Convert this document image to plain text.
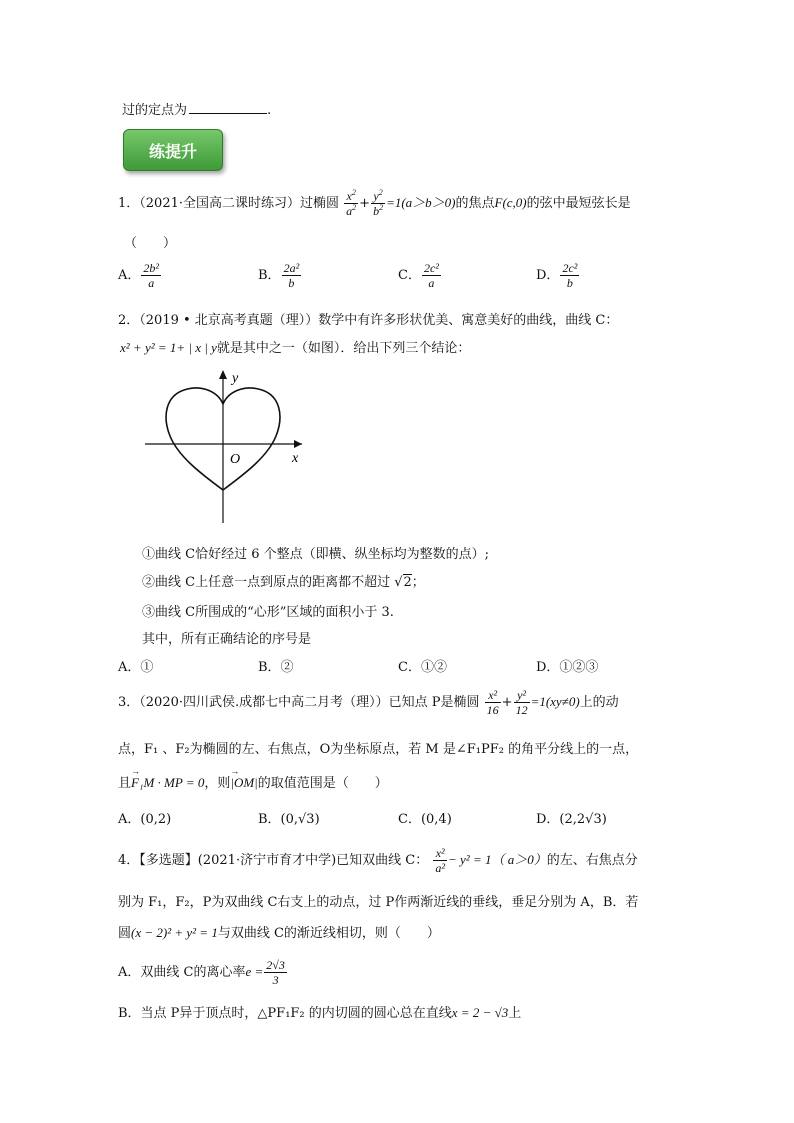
过的定点为	.
练提升
1．（2021·全国高二课时练习）过椭圆 $\frac{x^2}{a^2} + \frac{y^2}{b^2} =1(a>b>0)$的焦点F(c,0)的弦中最短弦长是
（　　）
A． $\frac{\text{2b²}}{a}$	B． $\frac{\text{2a²}}{b}$	C． $\frac{\text{2c²}}{a}$	D． $\frac{\text{2c²}}{b}$
2．（2019 • 北京高考真题（理））数学中有许多形状优美、寓意美好的曲线，曲线 C：
x² + y² = 1+ | x | y就是其中之一（如图）．给出下列三个结论：
x
y
O
①曲线 C恰好经过 6 个整点（即横、纵坐标均为整数的点）;
②曲线 C上任意一点到原点的距离都不超过 √2；
③曲线 C所围成的“心形”区域的面积小于 3.
其中，所有正确结论的序号是
A．①	B．②	C．①②	D．①②③
3．（2020·四川武侯.成都七中高二月考（理））已知点 P是椭圆 $\frac{\text{x²}}{16} + \frac{\text{y²}}{12} =1(xy\ne 0)$上的动
点，F₁ 、F₂为椭圆的左、右焦点，O为坐标原点，若 M 是∠F₁PF₂ 的角平分线上的一点，
且→ F₁M · MP = 0，则→ |OM|的取值范围是（　　）
A．(0,2)	B．(0,√3)	C．(0,4)	D．(2,2√3)
4．【多选题】(2021·济宁市育才中学)已知双曲线 C： $\frac{\text{x²}}{\text{a²}} - y^2 = 1$（ a＞0）的左、右焦点分
别为 F₁，F₂，P为双曲线 C右支上的动点，过 P作两渐近线的垂线，垂足分别为 A，B．若
圆(x − 2)² + y² = 1与双曲线 C的渐近线相切，则（　　）
A．双曲线 C的离心率$e = \frac{2√3}{3}$
B．当点 P异于顶点时，△PF₁F₂ 的内切圆的圆心总在直线x = 2 − √3上
